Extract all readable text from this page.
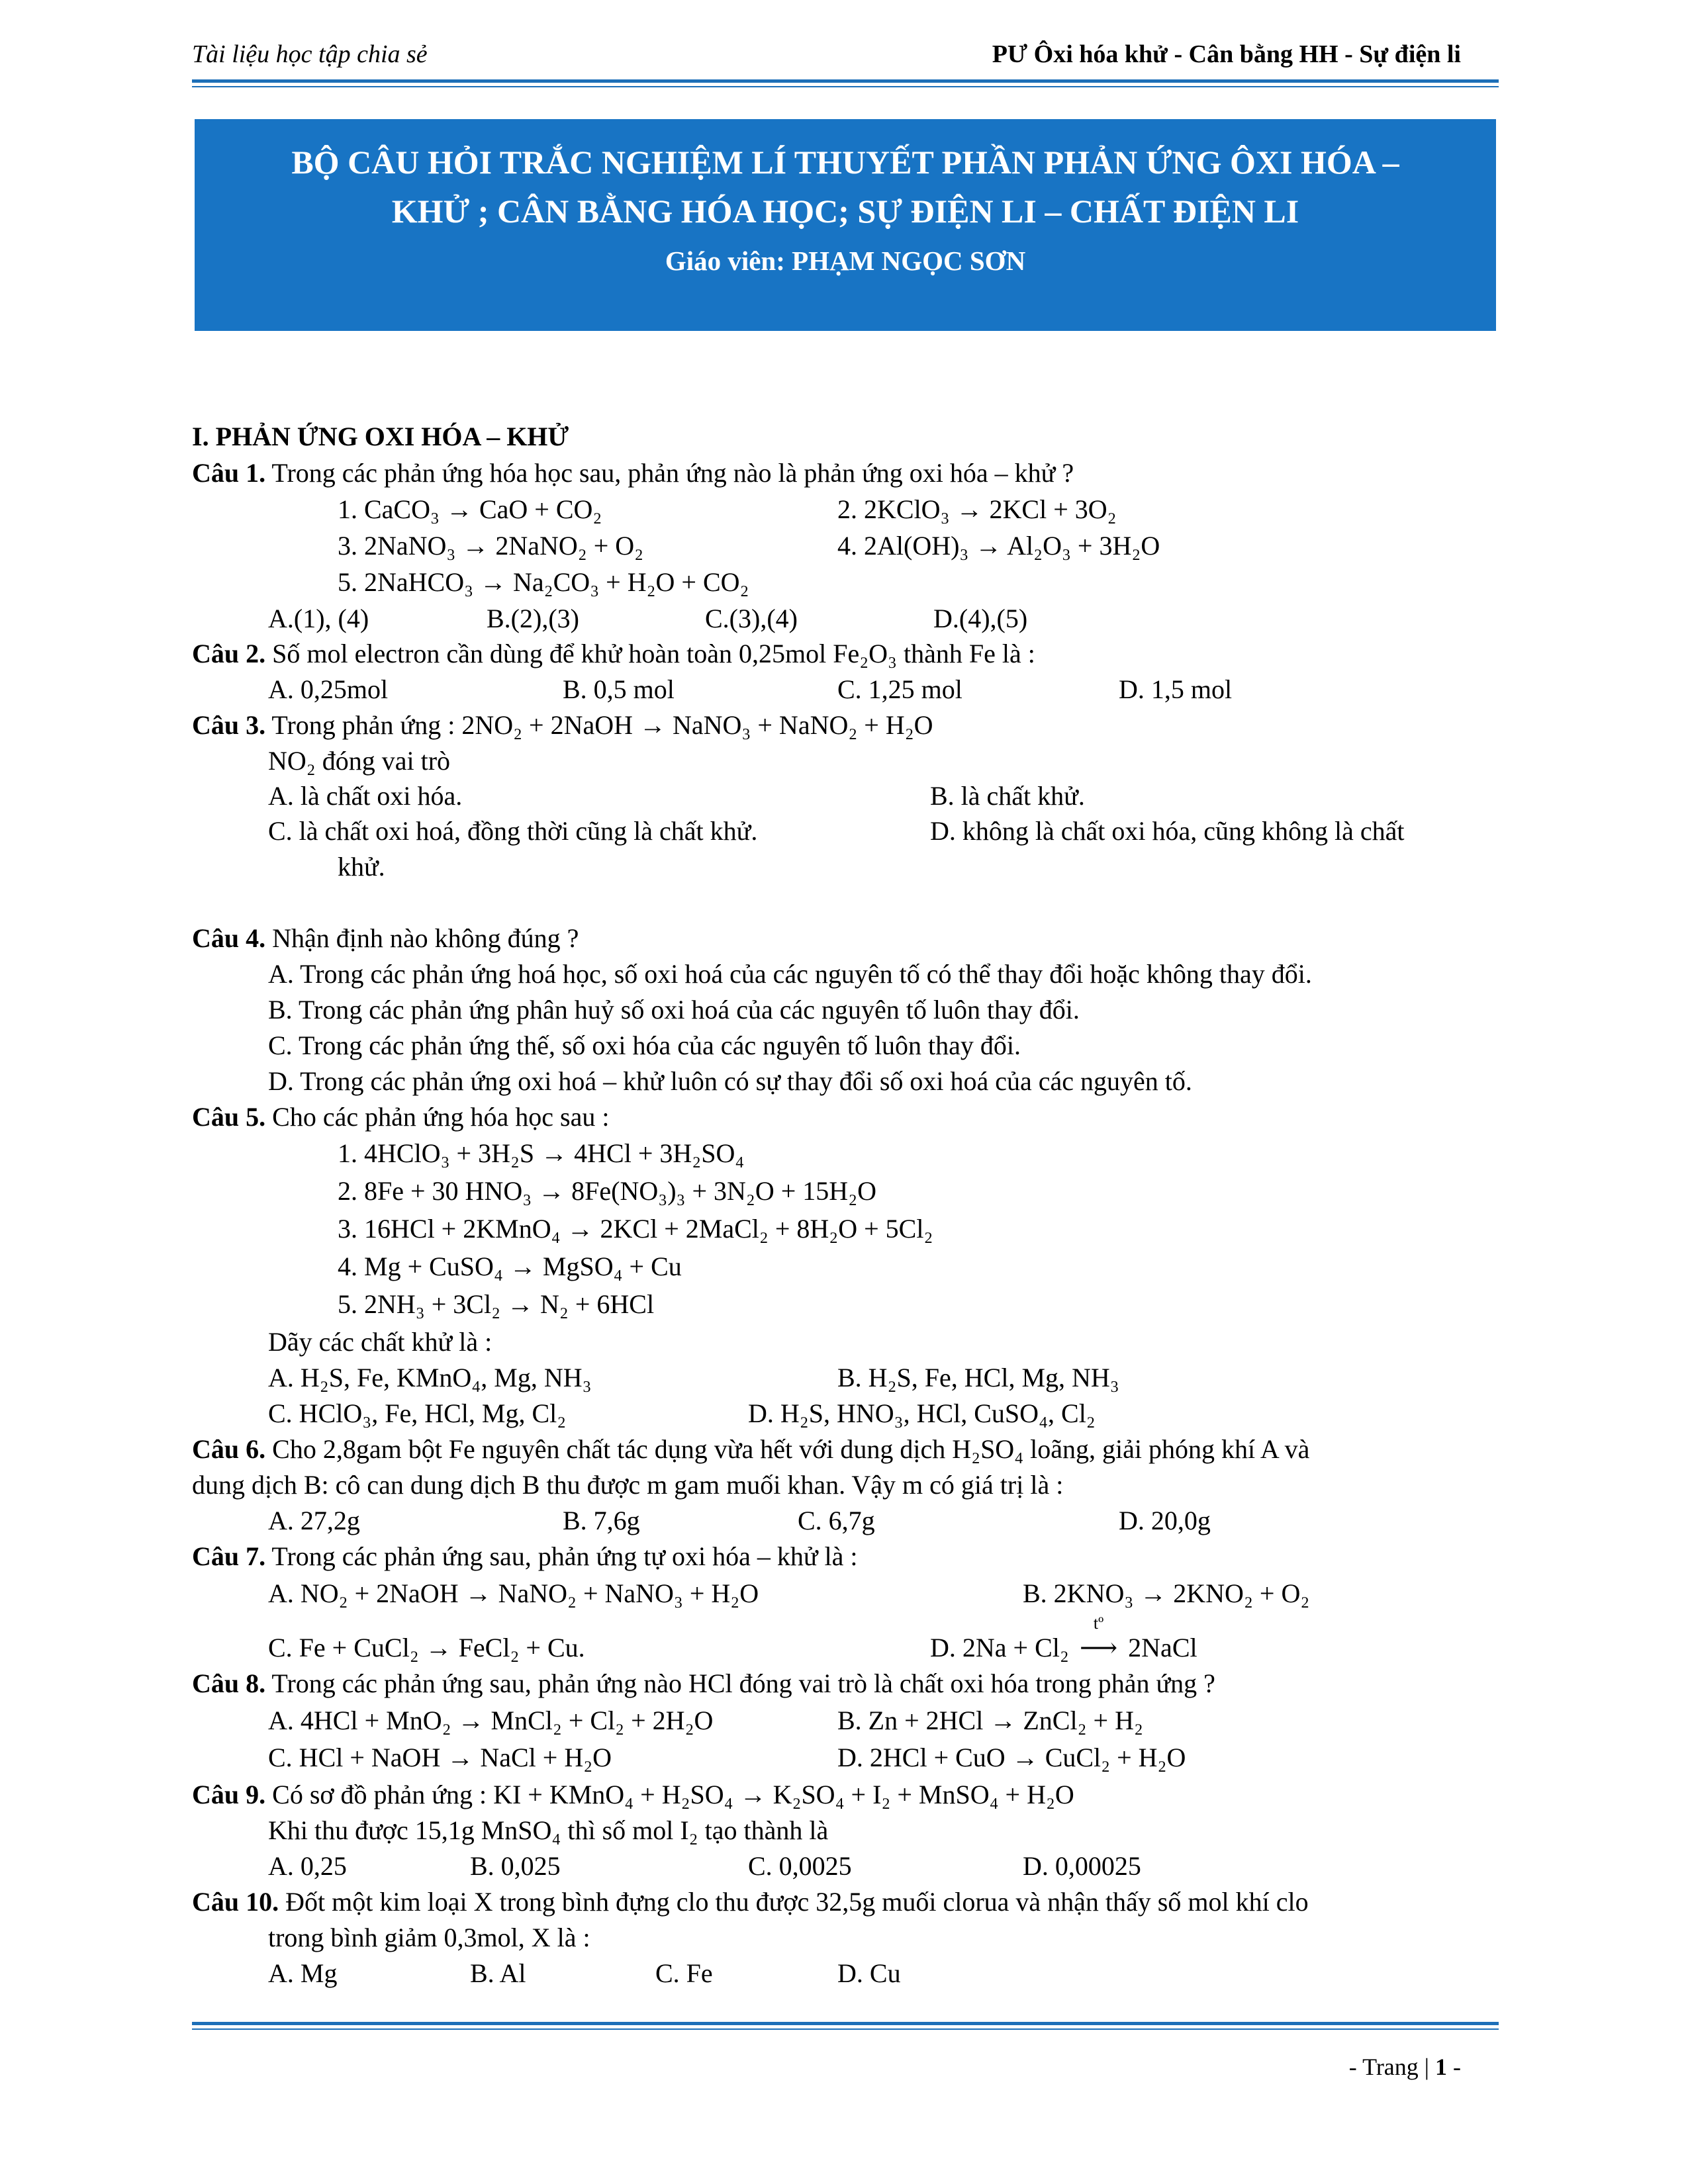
Tài liệu học tập chia sẻ	PƯ Ôxi hóa khử - Cân bằng HH - Sự điện li
BỘ CÂU HỎI TRẮC NGHIỆM LÍ THUYẾT PHẦN PHẢN ỨNG ÔXI HÓA –
KHỬ ; CÂN BẰNG HÓA HỌC; SỰ ĐIỆN LI – CHẤT ĐIỆN LI
Giáo viên: PHẠM NGỌC SƠN
I. PHẢN ỨNG OXI HÓA – KHỬ
Câu 1. Trong các phản ứng hóa học sau, phản ứng nào là phản ứng oxi hóa – khử ?
1. CaCO₃ → CaO + CO₂	2. 2KClO₃ → 2KCl + 3O₂
3. 2NaNO₃ → 2NaNO₂ + O₂	4. 2Al(OH)₃ → Al₂O₃ + 3H₂O
5. 2NaHCO₃ → Na₂CO₃ + H₂O + CO₂
A.(1), (4)	B.(2),(3)	C.(3),(4)	D.(4),(5)
Câu 2. Số mol electron cần dùng để khử hoàn toàn 0,25mol Fe₂O₃ thành Fe là :
A. 0,25mol	B. 0,5 mol	C. 1,25 mol	D. 1,5 mol
Câu 3. Trong phản ứng : 2NO₂ + 2NaOH → NaNO₃ + NaNO₂ + H₂O
NO₂ đóng vai trò
A. là chất oxi hóa.	B. là chất khử.
C. là chất oxi hoá, đồng thời cũng là chất khử.	D. không là chất oxi hóa, cũng không là chất
khử.
Câu 4. Nhận định nào không đúng ?
A. Trong các phản ứng hoá học, số oxi hoá của các nguyên tố có thể thay đổi hoặc không thay đổi.
B. Trong các phản ứng phân huỷ số oxi hoá của các nguyên tố luôn thay đổi.
C. Trong các phản ứng thế, số oxi hóa của các nguyên tố luôn thay đổi.
D. Trong các phản ứng oxi hoá – khử luôn có sự thay đổi số oxi hoá của các nguyên tố.
Câu 5. Cho các phản ứng hóa học sau :
1. 4HClO₃ + 3H₂S → 4HCl + 3H₂SO₄
2. 8Fe + 30 HNO₃ → 8Fe(NO₃)₃ + 3N₂O + 15H₂O
3. 16HCl + 2KMnO₄ → 2KCl + 2MaCl₂ + 8H₂O + 5Cl₂
4. Mg + CuSO₄ → MgSO₄ + Cu
5. 2NH₃ + 3Cl₂ → N₂ + 6HCl
Dãy các chất khử là :
A. H₂S, Fe, KMnO₄, Mg, NH₃	B. H₂S, Fe, HCl, Mg, NH₃
C. HClO₃, Fe, HCl, Mg, Cl₂	D. H₂S, HNO₃, HCl, CuSO₄, Cl₂
Câu 6. Cho 2,8gam bột Fe nguyên chất tác dụng vừa hết với dung dịch H₂SO₄ loãng, giải phóng khí A và
dung dịch B: cô can dung dịch B thu được m gam muối khan. Vậy m có giá trị là :
A. 27,2g	B. 7,6g	C. 6,7g	D. 20,0g
Câu 7. Trong các phản ứng sau, phản ứng tự oxi hóa – khử là :
A. NO₂ + 2NaOH → NaNO₂ + NaNO₃ + H₂O	B. 2KNO₃ → 2KNO₂ + O₂
C. Fe + CuCl₂ → FeCl₂ + Cu.	D. 2Na + Cl₂
tº
⟶ 2NaCl
Câu 8. Trong các phản ứng sau, phản ứng nào HCl đóng vai trò là chất oxi hóa trong phản ứng ?
A. 4HCl + MnO₂ → MnCl₂ + Cl₂ + 2H₂O	B. Zn + 2HCl → ZnCl₂ + H₂
C. HCl + NaOH → NaCl + H₂O	D. 2HCl + CuO → CuCl₂ + H₂O
Câu 9. Có sơ đồ phản ứng : KI + KMnO₄ + H₂SO₄ → K₂SO₄ + I₂ + MnSO₄ + H₂O
Khi thu được 15,1g MnSO₄ thì số mol I₂ tạo thành là
A. 0,25	B. 0,025	C. 0,0025	D. 0,00025
Câu 10. Đốt một kim loại X trong bình đựng clo thu được 32,5g muối clorua và nhận thấy số mol khí clo
trong bình giảm 0,3mol, X là :
A. Mg	B. Al	C. Fe	D. Cu
- Trang | 1 -
